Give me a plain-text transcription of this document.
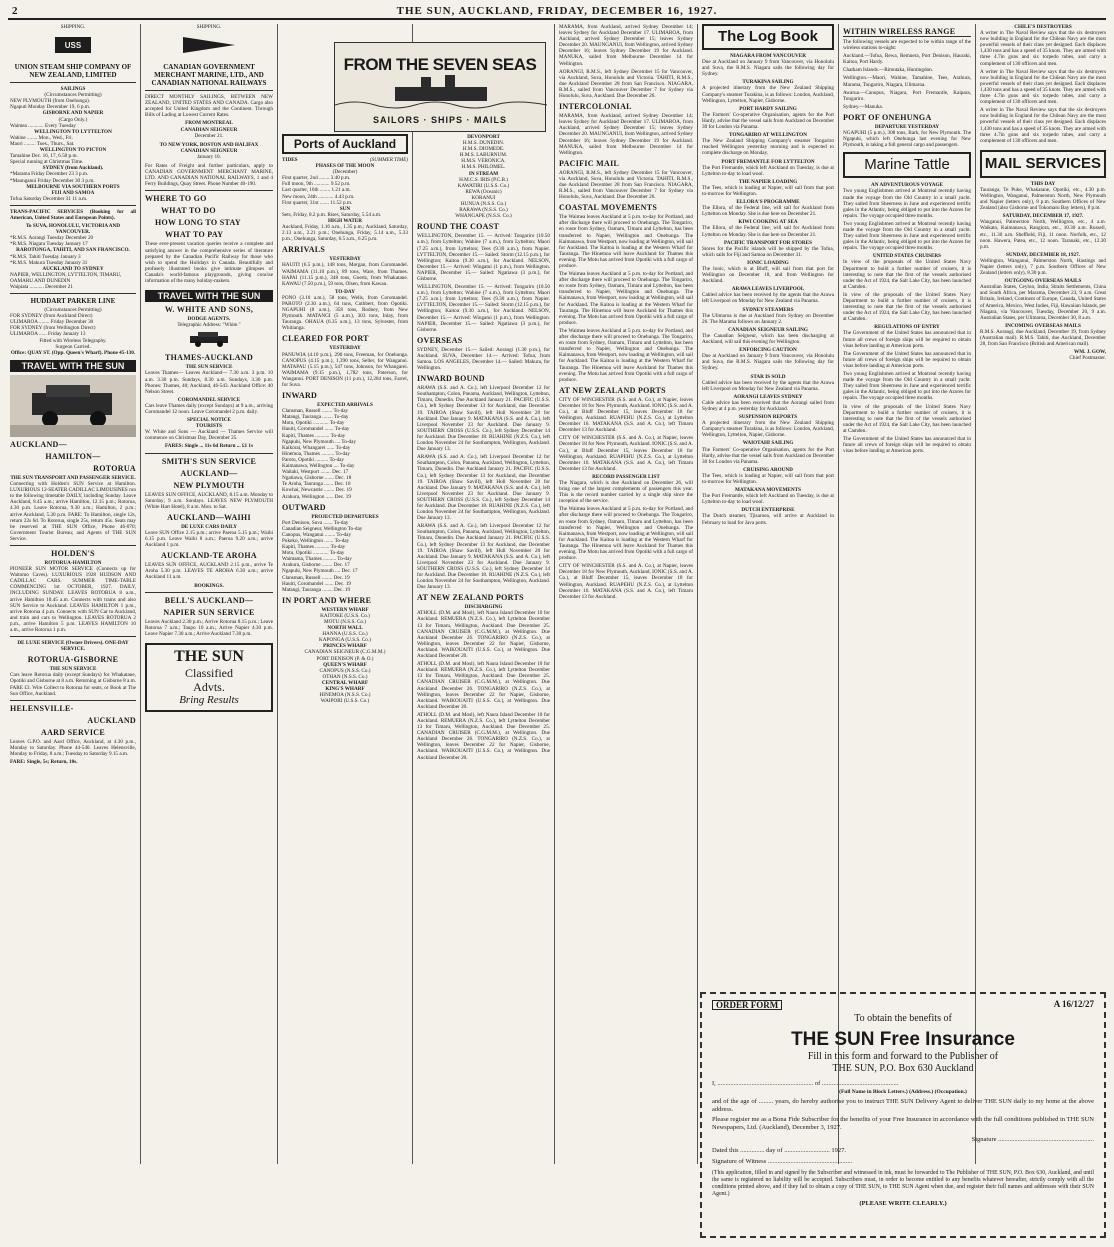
2	THE SUN, AUCKLAND, FRIDAY, DECEMBER 16, 1927.
SHIPPING.
USS
UNION STEAM SHIP COMPANY OF NEW ZEALAND, LIMITED
SAILINGS
(Circumstances Permitting)
NEW PLYMOUTH (from Onehunga).
Ngaputi Monday December 19, 6 p.m.
GISBORNE AND NAPIER
(Cargo Only.)
Waimea ............ Every Tuesday
WELLINGTON TO LYTTELTON
Wahine ........ Mon., Wed., Fri.
Maori ......... Tues., Thurs., Sat.
WELLINGTON TO PICTON
Tamahine Dec. 16, 17, 6.50 p.m.
Special running at Christmas Time.
SYDNEY (from Auckland).
*Marama Friday December 23 3 p.m.
*Maunganui Friday December 30 3 p.m.
MELBOURNE VIA SOUTHERN PORTS
FIJI AND SAMOA
Tofua Saturday December 31 11 a.m.

TRANS-PACIFIC SERVICES (Booking for all American, United States and European Points).

To SUVA, HONOLULU, VICTORIA AND VANCOUVER.
*R.M.S. Aorangi Tuesday December 20
*R.M.S. Niagara Tuesday January 17
RAROTONGA, TAHITI, AND SAN FRANCISCO.
*R.M.S. Tahiti Tuesday January 3
*R.M.S. Makura Tuesday January 31
AUCKLAND TO SYDNEY
NAPIER, WELLINGTON, LYTTELTON, TIMARU, OAMARU AND DUNEDIN
Waipiata ........... December 21
HUDDART PARKER LINE
(Circumstances Permitting)
FOR SYDNEY (from Auckland Direct)
ULIMAROA ........ Friday December 30
FOR SYDNEY (from Wellington Direct)
ULIMAROA ...... Friday January 13
Fitted with Wireless Telegraphy.
Surgeon Carried.
Office: QUAY ST. (Opp. Queen's Wharf). Phone 45-130.
TRAVEL WITH THE SUN
AUCKLAND—
HAMILTON—
ROTORUA
THE SUN TRANSPORT AND PASSENGER SERVICE.

Connecting with Holden's SUN Service at Hamilton. LUXURIOUS 12-SEATER CADILLAC LIMOUSINES run to the following timetable DAILY, including Sunday. Leave Auckland, 8.45 a.m.; arrive Hamilton, 12.15 p.m.; Rotorua, 4.30 p.m. Leave Rotorua, 9.30 a.m.; Hamilton, 2 p.m.; arrive Auckland, 5.30 p.m. FARE: To Hamilton, single 12s, return 22s 6d. To Rotorua, single 25s, return 45s. Seats may be reserved at THE SUN Office, Phone 46-070; Government Tourist Bureau; and Agents of THE SUN Service.

HOLDEN'S
ROTORUA-HAMILTON

PIONEER SUN MOTOR SERVICE (Connects up for Waitomo Caves). LUXURIOUS 1928 HUDSON AND CADILLAC CARS. SUMMER TIME-TABLE COMMENCING 1st OCTOBER, 1927. DAILY, INCLUDING SUNDAY. LEAVES ROTORUA 8 a.m., arrive Hamilton 10.45 a.m. Connects with trains and also SUN Service to Auckland. LEAVES HAMILTON 1 p.m., arrive Rotorua 4 p.m. Connects with SUN Car to Auckland, and train and cars to Wellington. LEAVES ROTORUA 2 p.m., arrive Hamilton 5 p.m. LEAVES HAMILTON 10 a.m., arrive Rotorua 1 p.m.

DE LUXE SERVICE (Owner Drivers). ONE-DAY SERVICE.
ROTORUA-GISBORNE
THE SUN SERVICE

Cars leave Rotorua daily (except Sundays) for Whakatane, Opotiki and Gisborne at 8 a.m. Returning at Gisborne 8 a.m. FARE £3. Wire Collect to Rotorua for seats, or Book at The Sun Office, Auckland.

HELENSVILLE-
AUCKLAND
AARD SERVICE

Leaves G.P.O. and Aard Office, Auckland, at 4.30 p.m., Monday to Saturday. Phone 44-540. Leaves Helensville, Monday to Friday, 8 a.m.; Tuesday to Saturday 9.15 a.m.

FARE: Single, 5s; Return, 10s.
SHIPPING.
CANADIAN GOVERNMENT MERCHANT MARINE, LTD., AND CANADIAN NATIONAL RAILWAYS

DIRECT MONTHLY SAILINGS, BETWEEN NEW ZEALAND, UNITED STATES AND CANADA. Cargo also accepted for United Kingdom and the Continent. Through Bills of Lading at Lowest Current Rates.

FROM MONTREAL
CANADIAN SEIGNEUR
December 21.
TO NEW YORK, BOSTON AND HALIFAX
CANADIAN SEIGNEUR
January 10.

For Rates of Freight and further particulars, apply to CANADIAN GOVERNMENT MERCHANT MARINE, LTD. AND CANADIAN NATIONAL RAILWAYS, 1 and 4 Ferry Buildings, Quay Street. Phone Number 40-190.

WHERE TO GO
WHAT TO DO
HOW LONG TO STAY
WHAT TO PAY

These ever-present vacation queries receive a complete and satisfying answer in the comprehensive series of literature prepared by the Canadian Pacific Railway for those who wish to spend the Holidays in Canada. Beautifully and profusely illustrated books give intimate glimpses of Canada's world-famous playgrounds, giving concise information of the many holiday-makers.

TRAVEL WITH THE SUN
W. WHITE AND SONS,
DODGE AGENTS.
Telegraphic Address: "White."
THAMES-AUCKLAND
THE SUN SERVICE

Leaves Thames— Leaves Auckland— 7.30 a.m. 3 p.m. 10 a.m. 3.30 p.m. Sundays, 8.30 a.m. Sundays, 3.30 p.m. Phones: Thames, 40; Auckland, 46-543. Auckland Office: 40 Nelson Street.

COROMANDEL SERVICE

Cars leave Thames daily (except Sundays) at 9 a.m., arriving Coromandel 12 noon. Leave Coromandel 2 p.m. daily.

SPECIAL NOTICE
TOURISTS

W. White and Sons — Auckland — Thames Service will commence on Christmas Day, December 25.

FARES: Single ... 11s 6d Return ... £1 1s
SMITH'S SUN SERVICE
AUCKLAND—
NEW PLYMOUTH

LEAVES SUN OFFICE, AUCKLAND, 8.15 a.m. Monday to Saturday; 9 a.m. Sundays. LEAVES NEW PLYMOUTH (White Hart Hotel), 8 a.m. Mon. to Sat.

AUCKLAND—WAIHI
DE LUXE CARS DAILY

Leave SUN Office 2.15 p.m.; arrive Paeroa 5.15 p.m.; Waihi 6.15 p.m. Leave Waihi 8 a.m.; Paeroa 9.20 a.m.; arrive Auckland 1 p.m.

AUCKLAND-TE AROHA

LEAVES SUN OFFICE, AUCKLAND 2.15 p.m., arrive Te Aroha 5.30 p.m. LEAVES TE AROHA 6.30 a.m.; arrive Auckland 11 a.m.

BOOKINGS.
BELL'S AUCKLAND—
NAPIER SUN SERVICE

Leaves Auckland 2.30 p.m.; Arrive Rotorua 8.15 p.m.; Leave Rotorua 7 a.m.; Taupo 10 a.m.; Arrive Napier 4.30 p.m. Leave Napier 7.30 a.m.; Arrive Auckland 7.30 p.m.

THE SUN
Classified
Advts.
Bring Results
FROM THE SEVEN SEAS
SAILORS · SHIPS · MAILS
Ports of Auckland
TIDES	(SUMMER TIME)
PHASES OF THE MOON
(December)
First quarter, 2nd ........ 3.40 p.m.
Full moon, 9th ............ 9.52 p.m.
Last quarter, 16th ........ 1.21 a.m.
New moon, 24th ............ 4.43 p.m.
First quarter, 31st ....... 11.52 p.m.
SUN
Sets, Friday, 8.2 p.m. Rises, Saturday, 5.54 a.m.
HIGH WATER

Auckland, Friday, 1.16 a.m., 1.35 p.m.; Auckland, Saturday, 2.13 a.m., 2.21 p.m.; Onehunga, Friday, 5.14 a.m., 5.33 p.m.; Onehunga, Saturday, 6.5 a.m., 6.25 p.m.

ARRIVALS
YESTERDAY

HAUITI (6.5 p.m.), 148 tons, Morgan, from Coromandel. WAIMAMA (11.10 p.m.), 89 tons, Ware, from Thames. HAPAI (11.15 p.m.), 348 tons, Goertz, from Whakatane. KAWAU (7.50 p.m.), 59 tons, Olsen, from Kawau.

TO-DAY

PONO (3.10 a.m.), 58 tons, Wells, from Coromandel. PAROTO (2.30 a.m.), 64 tons, Cuthbert, from Opotiki. NGAPUHI (8 a.m.), 358 tons, Rodney, from New Plymouth. MATANGI (5 a.m.), 303 tons, Inlay, from Tauranga. OHAUA (6.35 a.m.), 13 tons, Sylvester, from Whitianga.

CLEARED FOR PORT
YESTERDAY

PANUWIA (4.10 p.m.), 290 tons, Freeman, for Onehunga. CANOPUS (4.15 p.m.), 1,390 tons, Seller, for Wanganui. MATAPAU (5.15 p.m.), 547 tons, Johnson, for Whangarei. WAIMAMA (9.15 p.m.), 1,782 tons, Paterson, for Wanganui. PORT DENISON (11 p.m.), 12,284 tons, Farrel, for Suva.

INWARD
EXPECTED ARRIVALS
Clansman, Russell ........ To-day
Matangi, Tauranga ........ To-day
Motu, Opotiki ............ To-day
Hauiti, Coromandel ....... To-day
Kapiti, Thames ........... To-day
Ngapuhi, New Plymouth .... To-day
Kaikorai, Whangarei ...... To-day
Hinemoa, Thames .......... To-day
Paroto, Opotiki .......... To-day
Kaimanawa, Wellington .... To-day
Waitaki, Westport ........ Dec. 17
Ngatiawa, Gisborne ....... Dec. 18
Te Aroha, Tauranga ....... Dec. 18
Kowhai, Newcastle ........ Dec. 19
Arahura, Wellington ...... Dec. 19
OUTWARD
PROJECTED DEPARTURES
Port Denison, Suva ....... To-day
Canadian Seigneur, Wellington To-day
Canopus, Wanganui ........ To-day
Pukeko, Wellington ....... To-day
Kapiti, Thames ........... To-day
Motu, Opotiki ............ To-day
Waimama, Thames .......... To-day
Arahura, Gisborne ........ Dec. 17
Ngapuhi, New Plymouth .... Dec. 17
Clansman, Russell ........ Dec. 19
Hauiti, Coromandel ....... Dec. 19
Matangi, Tauranga ........ Dec. 19
IN PORT AND WHERE
WESTERN WHARF
KAITOKE (U.S.S. Co.)
MOTU (N.S.S. Co.)
NORTH WALL
HANNA (U.S.S. Co.)
KAPONGA (U.S.S. Co.)
PRINCES WHARF
CANADIAN SEIGNEUR (C.G.M.M.)
PORT DENISON (P. & O.)
QUEEN'S WHARF
CANOPUS (N.S.S. Co.)
OTHAN (N.S.S. Co.)
CENTRAL WHARF
KING'S WHARF
HINEMOA (N.S.S. Co.)
WAIPORI (U.S.S. Co.)
DEVONPORT
H.M.S. DUNEDIN.
H.M.S. DIOMEDE.
H.M.S. LABURNUM.
H.M.S. VERONICA.
H.M.S. PHILOMEL.
IN STREAM
H.M.C.S. IRIS (P.C.B.)
KAWATIRI (U.S.S. Co.)
REWA (Oceanic)
KORANUI
HUNUA (N.S.S. Co.)
RARAWA (N.S.S. Co.)
WHANGAPE (N.S.S. Co.)
ROUND THE COAST

WELLINGTON, December 15. — Arrived: Tongariro (10.50 a.m.), from Lyttelton; Wahine (7 a.m.), from Lyttelton; Maori (7.25 a.m.), from Lyttelton; Tees (9.30 a.m.), from Napier. LYTTELTON, December 15.— Sailed: Storm (12.15 p.m.), for Wellington; Kaitoa (9.30 a.m.), for Auckland. NELSON, December 15.— Arrived: Wingatui (1 p.m.), from Wellington. NAPIER, December 15.— Sailed: Ngatiawa (3 p.m.), for Gisborne.

WELLINGTON, December 15. — Arrived: Tongariro (10.50 a.m.), from Lyttelton; Wahine (7 a.m.), from Lyttelton; Maori (7.25 a.m.), from Lyttelton; Tees (9.30 a.m.), from Napier. LYTTELTON, December 15.— Sailed: Storm (12.15 p.m.), for Wellington; Kaitoa (9.30 a.m.), for Auckland. NELSON, December 15.— Arrived: Wingatui (1 p.m.), from Wellington. NAPIER, December 15.— Sailed: Ngatiawa (3 p.m.), for Gisborne.

OVERSEAS

SYDNEY, December 15.— Sailed: Aorangi (1.30 p.m.), for Auckland. SUVA, December 14.— Arrived: Tofua, from Samoa. LOS ANGELES, December 14.— Sailed: Makura, for Wellington.

INWARD BOUND

ARAWA (S.S. and A. Co.), left Liverpool December 12 for Southampton, Colon, Panama, Auckland, Wellington, Lyttelton, Timaru, Dunedin. Due Auckland January 21. PACIFIC (U.S.S. Co.), left Sydney December 13 for Auckland, due December 19. TAIROA (Shaw Savill), left Hull November 20 for Auckland. Due January 9. MATAKANA (S.S. and A. Co.), left Liverpool November 23 for Auckland. Due January 9. SOUTHERN CROSS (U.S.S. Co.), left Sydney December 14 for Auckland. Due December 18. RUAHINE (N.Z.S. Co.), left London November 24 for Southampton, Wellington, Auckland. Due January 13.

ARAWA (S.S. and A. Co.), left Liverpool December 12 for Southampton, Colon, Panama, Auckland, Wellington, Lyttelton, Timaru, Dunedin. Due Auckland January 21. PACIFIC (U.S.S. Co.), left Sydney December 13 for Auckland, due December 19. TAIROA (Shaw Savill), left Hull November 20 for Auckland. Due January 9. MATAKANA (S.S. and A. Co.), left Liverpool November 23 for Auckland. Due January 9. SOUTHERN CROSS (U.S.S. Co.), left Sydney December 14 for Auckland. Due December 18. RUAHINE (N.Z.S. Co.), left London November 24 for Southampton, Wellington, Auckland. Due January 13.

ARAWA (S.S. and A. Co.), left Liverpool December 12 for Southampton, Colon, Panama, Auckland, Wellington, Lyttelton, Timaru, Dunedin. Due Auckland January 21. PACIFIC (U.S.S. Co.), left Sydney December 13 for Auckland, due December 19. TAIROA (Shaw Savill), left Hull November 20 for Auckland. Due January 9. MATAKANA (S.S. and A. Co.), left Liverpool November 23 for Auckland. Due January 9. SOUTHERN CROSS (U.S.S. Co.), left Sydney December 14 for Auckland. Due December 18. RUAHINE (N.Z.S. Co.), left London November 24 for Southampton, Wellington, Auckland. Due January 13.

AT NEW ZEALAND PORTS
DISCHARGING

ATHOLL (D.M. and Mosl), left Naura Island December 10 for Auckland. REMUERA (N.Z.S. Co.), left Lyttelton December 13 for Timaru, Wellington, Auckland. Due December 25. CANADIAN CRUISER (C.G.M.M.), at Wellington. Due Auckland December 26. TONGARIRO (N.Z.S. Co.), at Wellington, leaves December 22 for Napier, Gisborne, Auckland. WAIKOUAITI (U.S.S. Co.), at Wellington. Due Auckland December 20.

ATHOLL (D.M. and Mosl), left Naura Island December 10 for Auckland. REMUERA (N.Z.S. Co.), left Lyttelton December 13 for Timaru, Wellington, Auckland. Due December 25. CANADIAN CRUISER (C.G.M.M.), at Wellington. Due Auckland December 26. TONGARIRO (N.Z.S. Co.), at Wellington, leaves December 22 for Napier, Gisborne, Auckland. WAIKOUAITI (U.S.S. Co.), at Wellington. Due Auckland December 20.

ATHOLL (D.M. and Mosl), left Naura Island December 10 for Auckland. REMUERA (N.Z.S. Co.), left Lyttelton December 13 for Timaru, Wellington, Auckland. Due December 25. CANADIAN CRUISER (C.G.M.M.), at Wellington. Due Auckland December 26. TONGARIRO (N.Z.S. Co.), at Wellington, leaves December 22 for Napier, Gisborne, Auckland. WAIKOUAITI (U.S.S. Co.), at Wellington. Due Auckland December 20.

MARAMA, from Auckland, arrived Sydney December 14; leaves Sydney for Auckland December 17. ULIMAROA, from Auckland, arrived Sydney December 15; leaves Sydney December 20. MAUNGANUI, from Wellington, arrived Sydney December 16; leaves Sydney December 19 for Auckland. MANUKA, sailed from Melbourne December 14 for Wellington.

AORANGI, R.M.S., left Sydney December 15 for Vancouver, via Auckland, Suva, Honolulu and Victoria. TAHITI, R.M.S., due Auckland December 28 from San Francisco. NIAGARA, R.M.S., sailed from Vancouver December 7 for Sydney via Honolulu, Suva, Auckland. Due December 26.

INTERCOLONIAL

MARAMA, from Auckland, arrived Sydney December 14; leaves Sydney for Auckland December 17. ULIMAROA, from Auckland, arrived Sydney December 15; leaves Sydney December 20. MAUNGANUI, from Wellington, arrived Sydney December 16; leaves Sydney December 19 for Auckland. MANUKA, sailed from Melbourne December 14 for Wellington.

PACIFIC MAIL

AORANGI, R.M.S., left Sydney December 15 for Vancouver, via Auckland, Suva, Honolulu and Victoria. TAHITI, R.M.S., due Auckland December 28 from San Francisco. NIAGARA, R.M.S., sailed from Vancouver December 7 for Sydney via Honolulu, Suva, Auckland. Due December 26.

COASTAL MOVEMENTS

The Waimea leaves Auckland at 5 p.m. to-day for Portland, and after discharge there will proceed to Onehunga. The Tongariro, en route from Sydney, Oamaru, Timaru and Lyttelton, has been transferred to Napier, Wellington and Onehunga. The Kaimanawa, from Westport, now loading at Wellington, will sail for Auckland. The Kaitoa is loading at the Western Wharf for Tauranga. The Hinemoa will leave Auckland for Thames this evening. The Motu has arrived from Opotiki with a full cargo of produce.

The Waimea leaves Auckland at 5 p.m. to-day for Portland, and after discharge there will proceed to Onehunga. The Tongariro, en route from Sydney, Oamaru, Timaru and Lyttelton, has been transferred to Napier, Wellington and Onehunga. The Kaimanawa, from Westport, now loading at Wellington, will sail for Auckland. The Kaitoa is loading at the Western Wharf for Tauranga. The Hinemoa will leave Auckland for Thames this evening. The Motu has arrived from Opotiki with a full cargo of produce.

The Waimea leaves Auckland at 5 p.m. to-day for Portland, and after discharge there will proceed to Onehunga. The Tongariro, en route from Sydney, Oamaru, Timaru and Lyttelton, has been transferred to Napier, Wellington and Onehunga. The Kaimanawa, from Westport, now loading at Wellington, will sail for Auckland. The Kaitoa is loading at the Western Wharf for Tauranga. The Hinemoa will leave Auckland for Thames this evening. The Motu has arrived from Opotiki with a full cargo of produce.

AT NEW ZEALAND PORTS

CITY OF WINCHESTER (S.S. and A. Co.), at Napier, leaves December 18 for New Plymouth, Auckland. IONIC (S.S. and A. Co.), at Bluff December 15, leaves December 18 for Wellington, Auckland. RUAPEHU (N.Z.S. Co.), at Lyttelton December 16. MATAKANA (S.S. and A. Co.), left Timaru December 13 for Auckland.

CITY OF WINCHESTER (S.S. and A. Co.), at Napier, leaves December 18 for New Plymouth, Auckland. IONIC (S.S. and A. Co.), at Bluff December 15, leaves December 18 for Wellington, Auckland. RUAPEHU (N.Z.S. Co.), at Lyttelton December 16. MATAKANA (S.S. and A. Co.), left Timaru December 13 for Auckland.

RECORD PASSENGER LIST

The Niagara, which is due Auckland on December 26, will bring one of the largest complements of passengers this year. This is the record number carried by a single ship since the inception of the service.

The Waimea leaves Auckland at 5 p.m. to-day for Portland, and after discharge there will proceed to Onehunga. The Tongariro, en route from Sydney, Oamaru, Timaru and Lyttelton, has been transferred to Napier, Wellington and Onehunga. The Kaimanawa, from Westport, now loading at Wellington, will sail for Auckland. The Kaitoa is loading at the Western Wharf for Tauranga. The Hinemoa will leave Auckland for Thames this evening. The Motu has arrived from Opotiki with a full cargo of produce.

CITY OF WINCHESTER (S.S. and A. Co.), at Napier, leaves December 18 for New Plymouth, Auckland. IONIC (S.S. and A. Co.), at Bluff December 15, leaves December 18 for Wellington, Auckland. RUAPEHU (N.Z.S. Co.), at Lyttelton December 16. MATAKANA (S.S. and A. Co.), left Timaru December 13 for Auckland.

The Log Book
NIAGARA FROM VANCOUVER

Due at Auckland on January 9 from Vancouver, via Honolulu and Suva, the R.M.S. Niagara sails the following day for Sydney.

TURAKINA SAILING

A projected itinerary from the New Zealand Shipping Company's steamer Turakina, is as follows: London, Auckland, Wellington, Lyttelton, Napier, Gisborne.

PORT HARDY SAILING

The Farmers' Co-operative Organisation, agents for the Port Hardy, advise that the vessel sails from Auckland on December 30 for London via Panama.

TONGARIRO AT WELLINGTON

The New Zealand Shipping Company's steamer Tongariro reached Wellington yesterday morning and is expected to complete discharge on Monday.

PORT FREMANTLE FOR LYTTELTON

The Port Fremantle, which left Auckland on Tuesday, is due at Lyttelton to-day to load wool.

THE NAPIER LOADING

The Tees, which is loading at Napier, will sail from that port to-morrow for Wellington.

ELLORA'S PROGRAMME

The Ellora, of the Federal line, will sail for Auckland from Lyttelton on Monday. She is due here on December 21.

KIWI COOKING AT SEA

The Ellora, of the Federal line, will sail for Auckland from Lyttelton on Monday. She is due here on December 21.

PACIFIC TRANSPORT FOR STORES

Stores for the Pacific islands will be shipped by the Tofua, which sails for Fiji and Samoa on December 31.

IONIC LOADING

The Ionic, which is at Bluff, will sail from that port for Wellington on December 18, and from Wellington for Auckland.

ARAWA LEAVES LIVERPOOL

Cabled advice has been received by the agents that the Arawa left Liverpool on Monday for New Zealand via Panama.

SYDNEY STEAMERS

The Ulimaroa is due at Auckland from Sydney on December 26. The Marama follows on January 2.

CANADIAN SEIGNEUR SAILING

The Canadian Seigneur, which has been discharging at Auckland, will sail this evening for Wellington.

ENFORCING CAUTION

Due at Auckland on January 9 from Vancouver, via Honolulu and Suva, the R.M.S. Niagara sails the following day for Sydney.

STAR IS SOLD

Cabled advice has been received by the agents that the Arawa left Liverpool on Monday for New Zealand via Panama.

AORANGI LEAVES SYDNEY

Cable advice has been received that the Aorangi sailed from Sydney at 4 p.m. yesterday for Auckland.

SUSPENSION REPORTS

A projected itinerary from the New Zealand Shipping Company's steamer Turakina, is as follows: London, Auckland, Wellington, Lyttelton, Napier, Gisborne.

WAIOTAHI SAILING

The Farmers' Co-operative Organisation, agents for the Port Hardy, advise that the vessel sails from Auckland on December 30 for London via Panama.

CRUISING AROUND

The Tees, which is loading at Napier, will sail from that port to-morrow for Wellington.

MATAKANA MOVEMENTS

The Port Fremantle, which left Auckland on Tuesday, is due at Lyttelton to-day to load wool.

DUTCH ENTERPRISE

The Dutch steamer, Tjisaroea, will arrive at Auckland in February to load for Java ports.

WITHIN WIRELESS RANGE

The following vessels are expected to be within range of the wireless stations to-night:

Auckland.—Tofua, Rewa, Remuera, Port Denison, Hauraki, Kaitoa, Port Hardy.

Chatham Islands.—Rimutaka, Huntingdon.

Wellington.—Maori, Wahine, Tamahine, Tees, Arahura, Marama, Tongariro, Niagara, Ulimaroa.

Awarua.—Canopus, Niagara, Port Fremantle, Kaipara, Tongariro.

Sydney.—Manuka.

PORT OF ONEHUNGA
DEPARTURE YESTERDAY

NGAPUHI (5 p.m.), 308 tons, Bark, for New Plymouth. The Ngapuhi, which left Onehunga last evening for New Plymouth, is taking a full general cargo and passengers.

Marine Tattle
AN ADVENTUROUS VOYAGE

Two young Englishmen arrived at Montreal recently having made the voyage from the Old Country in a small yacht. They sailed from Sheerness in June and experienced terrific gales in the Atlantic, being obliged to put into the Azores for repairs. The voyage occupied three months.

Two young Englishmen arrived at Montreal recently having made the voyage from the Old Country in a small yacht. They sailed from Sheerness in June and experienced terrific gales in the Atlantic, being obliged to put into the Azores for repairs. The voyage occupied three months.

UNITED STATES CRUISERS

In view of the proposals of the United States Navy Department to build a further number of cruisers, it is interesting to note that the first of the vessels authorised under the Act of 1924, the Salt Lake City, has been launched at Camden.

In view of the proposals of the United States Navy Department to build a further number of cruisers, it is interesting to note that the first of the vessels authorised under the Act of 1924, the Salt Lake City, has been launched at Camden.

REGULATIONS OF ENTRY

The Government of the United States has announced that in future all crews of foreign ships will be required to obtain visas before landing at American ports.

The Government of the United States has announced that in future all crews of foreign ships will be required to obtain visas before landing at American ports.

Two young Englishmen arrived at Montreal recently having made the voyage from the Old Country in a small yacht. They sailed from Sheerness in June and experienced terrific gales in the Atlantic, being obliged to put into the Azores for repairs. The voyage occupied three months.

In view of the proposals of the United States Navy Department to build a further number of cruisers, it is interesting to note that the first of the vessels authorised under the Act of 1924, the Salt Lake City, has been launched at Camden.

The Government of the United States has announced that in future all crews of foreign ships will be required to obtain visas before landing at American ports.

CHILE'S DESTROYERS

A writer in The Naval Review says that the six destroyers now building in England for the Chilean Navy are the most powerful vessels of their class yet designed. Each displaces 1,430 tons and has a speed of 35 knots. They are armed with three 4.7in guns and six torpedo tubes, and carry a complement of 130 officers and men.

A writer in The Naval Review says that the six destroyers now building in England for the Chilean Navy are the most powerful vessels of their class yet designed. Each displaces 1,430 tons and has a speed of 35 knots. They are armed with three 4.7in guns and six torpedo tubes, and carry a complement of 130 officers and men.

A writer in The Naval Review says that the six destroyers now building in England for the Chilean Navy are the most powerful vessels of their class yet designed. Each displaces 1,430 tons and has a speed of 35 knots. They are armed with three 4.7in guns and six torpedo tubes, and carry a complement of 130 officers and men.

MAIL SERVICES
THIS DAY

Tauranga, Te Puke, Whakatane, Opotiki, etc., 4.30 p.m. Wellington, Wanganui, Palmerston North, New Plymouth and Napier (letters only), 8 p.m. Southern Offices of New Zealand (also Gisborne and Tokomaru Bay letters), 8 p.m.

SATURDAY, DECEMBER 17, 1927.

Wanganui, Palmerston North, Wellington, etc., 4 a.m. Waikato, Kaimanawa, Rangiora, etc., 10.30 a.m. Russell, etc., 11.30 a.m. Sheffield, Fiji, 11 noon. Norfolk, etc., 12 noon. Hawera, Patea, etc., 12 noon. Taranaki, etc., 12.30 p.m.

SUNDAY, DECEMBER 18, 1927.

Wellington, Wanganui, Palmerston North, Hastings and Napier (letters only), 7 p.m. Southern Offices of New Zealand (letters only), 8.30 p.m.

OUTGOING OVERSEAS MAILS

Australian States, Ceylon, India, Straits Settlements, China and South Africa, per Marama, December 23, 9 a.m. Great Britain, Ireland, Continent of Europe, Canada, United States of America, Mexico, West Indies, Fiji, Hawaiian Islands, per Niagara, via Vancouver, Tuesday, December 20, 9 a.m. Australian States, per Ulimaroa, December 30, 8 a.m.

INCOMING OVERSEAS MAILS

R.M.S. Aorangi, due Auckland, December 19, from Sydney (Australian mail). R.M.S. Tahiti, due Auckland, December 28, from San Francisco (British and American mail).

WM. J. GOW,
Chief Postmaster.
ORDER FORM	A 16/12/27
To obtain the benefits of
THE SUN Free Insurance
Fill in this form and forward to the Publisher of
THE SUN, P.O. Box 630 Auckland
I, ........................................................... of ...............................................
(Full Name in Block Letters.) (Address.) (Occupation.)

and of the age of ......... years, do hereby authorise you to instruct THE SUN Delivery Agent to deliver THE SUN daily to my home at the above address.

Please register me as a Bona Fide Subscriber for the benefits of your Free Insurance in accordance with the full conditions published in THE SUN Newspapers, Ltd. (Auckland), December 3, 1927.

Signature ...........................................................
Dated this ............... day of ............................ 1927.
Signature of Witness ....................................................

(This application, filled in and signed by the Subscriber and witnessed in ink, must be forwarded to The Publisher of THE SUN, P.O. Box 630, Auckland, and until the same is registered no liability will be accepted. Subscribers must, in order to become entitled to any benefits whatever hereafter, strictly comply with all the conditions printed above, and if they fail to obtain a copy of THE SUN, to THE SUN Agent when due, and register their full names and addresses with their SUN Agent.)

(PLEASE WRITE CLEARLY.)
